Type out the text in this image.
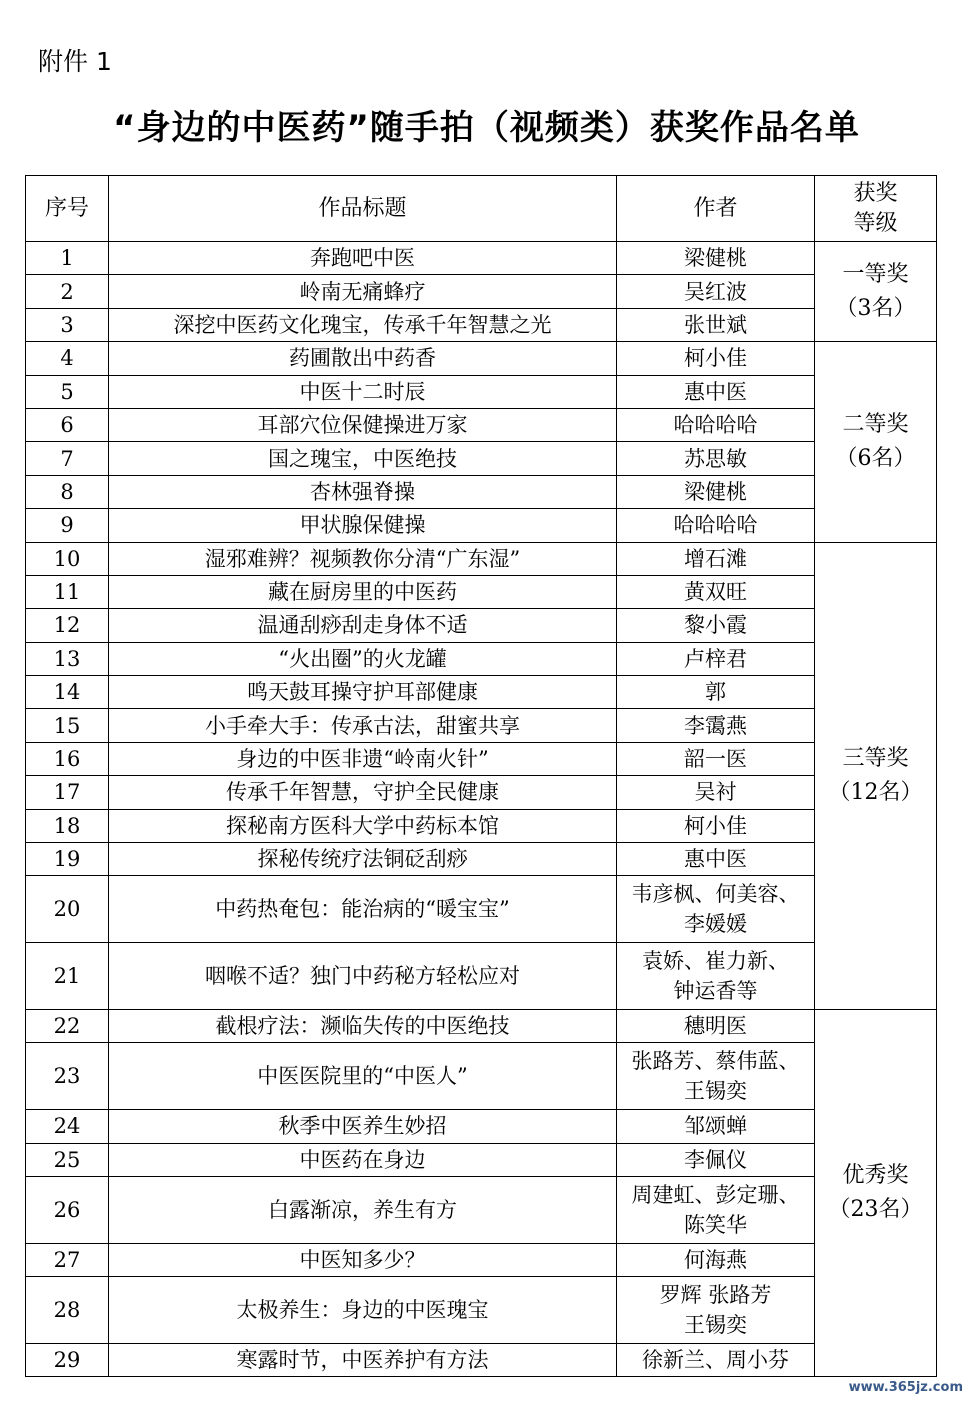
附件 1
“身边的中医药”随手拍（视频类）获奖作品名单
序号	作品标题	作者	获奖
等级
1	奔跑吧中医	梁健桃	一等奖
（3名）
2	岭南无痛蜂疗	吴红波	
3	深挖中医药文化瑰宝，传承千年智慧之光	张世斌	
4	药圃散出中药香	柯小佳	二等奖
（6名）
5	中医十二时辰	惠中医	
6	耳部穴位保健操进万家	哈哈哈哈	
7	国之瑰宝，中医绝技	苏思敏	
8	杏林强脊操	梁健桃	
9	甲状腺保健操	哈哈哈哈	
10	湿邪难辨？视频教你分清“广东湿”	增石滩	三等奖
（12名）
11	藏在厨房里的中医药	黄双旺	
12	温通刮痧刮走身体不适	黎小霞	
13	“火出圈”的火龙罐	卢梓君	
14	鸣天鼓耳操守护耳部健康	郭	
15	小手牵大手：传承古法，甜蜜共享	李霭燕	
16	身边的中医非遗“岭南火针”	韶一医	
17	传承千年智慧，守护全民健康	吴衬	
18	探秘南方医科大学中药标本馆	柯小佳	
19	探秘传统疗法铜砭刮痧	惠中医	
20	中药热奄包：能治病的“暖宝宝”	韦彦枫、何美容、
李媛媛	
21	咽喉不适？独门中药秘方轻松应对	袁娇、崔力新、
钟运香等	
22	截根疗法：濒临失传的中医绝技	穗明医	优秀奖
（23名）
23	中医医院里的“中医人”	张路芳、蔡伟蓝、
王锡奕	
24	秋季中医养生妙招	邹颂蝉	
25	中医药在身边	李佩仪	
26	白露渐凉，养生有方	周建虹、彭定珊、
陈笑华	
27	中医知多少？	何海燕	
28	太极养生：身边的中医瑰宝	罗辉 张路芳
王锡奕	
29	寒露时节，中医养护有方法	徐新兰、周小芬	
www.365jz.com
